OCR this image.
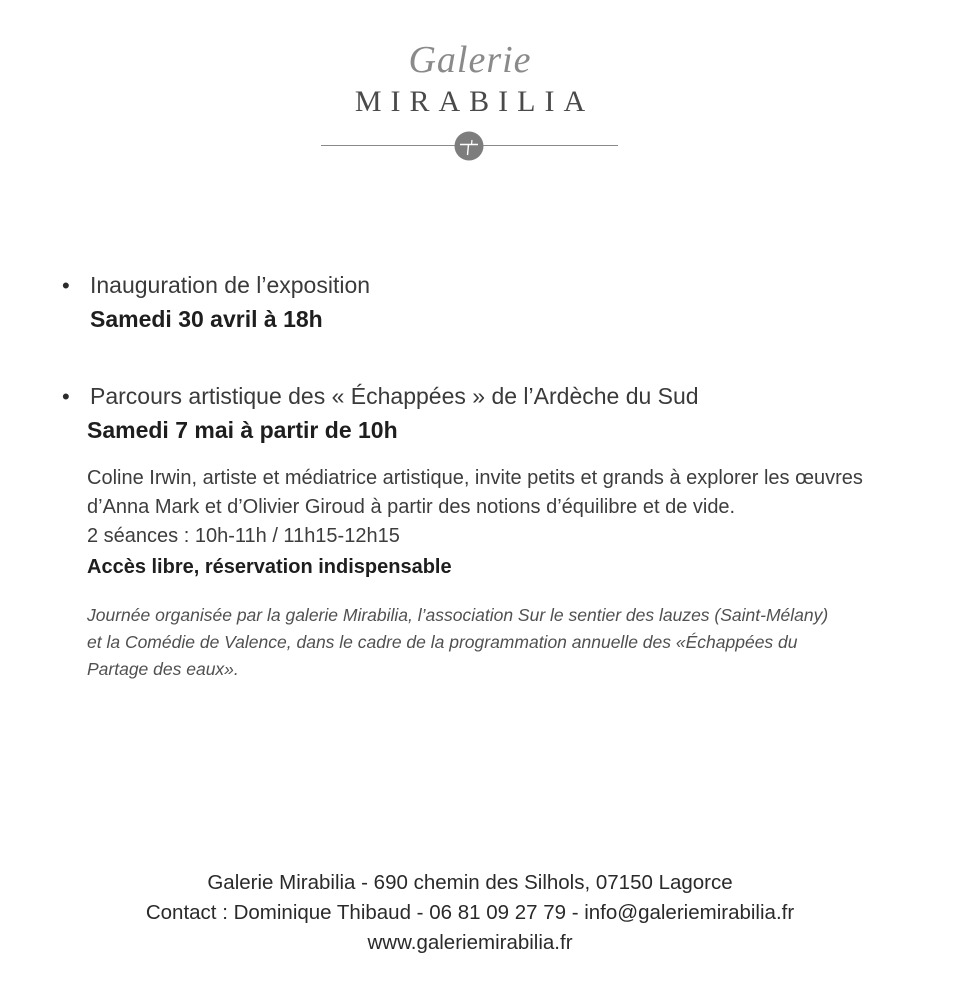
Galerie
MIRABILIA
• Inauguration de l’exposition
Samedi 30 avril à 18h
• Parcours artistique des « Échappées » de l’Ardèche du Sud
Samedi 7 mai à partir de 10h
Coline Irwin, artiste et médiatrice artistique, invite petits et grands à explorer les œuvres
d’Anna Mark et d’Olivier Giroud à partir des notions d’équilibre et de vide.
2 séances : 10h-11h / 11h15-12h15
Accès libre, réservation indispensable
Journée organisée par la galerie Mirabilia, l’association Sur le sentier des lauzes (Saint-Mélany)
et la Comédie de Valence, dans le cadre de la programmation annuelle des «Échappées du
Partage des eaux».
Galerie Mirabilia - 690 chemin des Silhols, 07150 Lagorce
Contact : Dominique Thibaud - 06 81 09 27 79 - info@galeriemirabilia.fr
www.galeriemirabilia.fr
